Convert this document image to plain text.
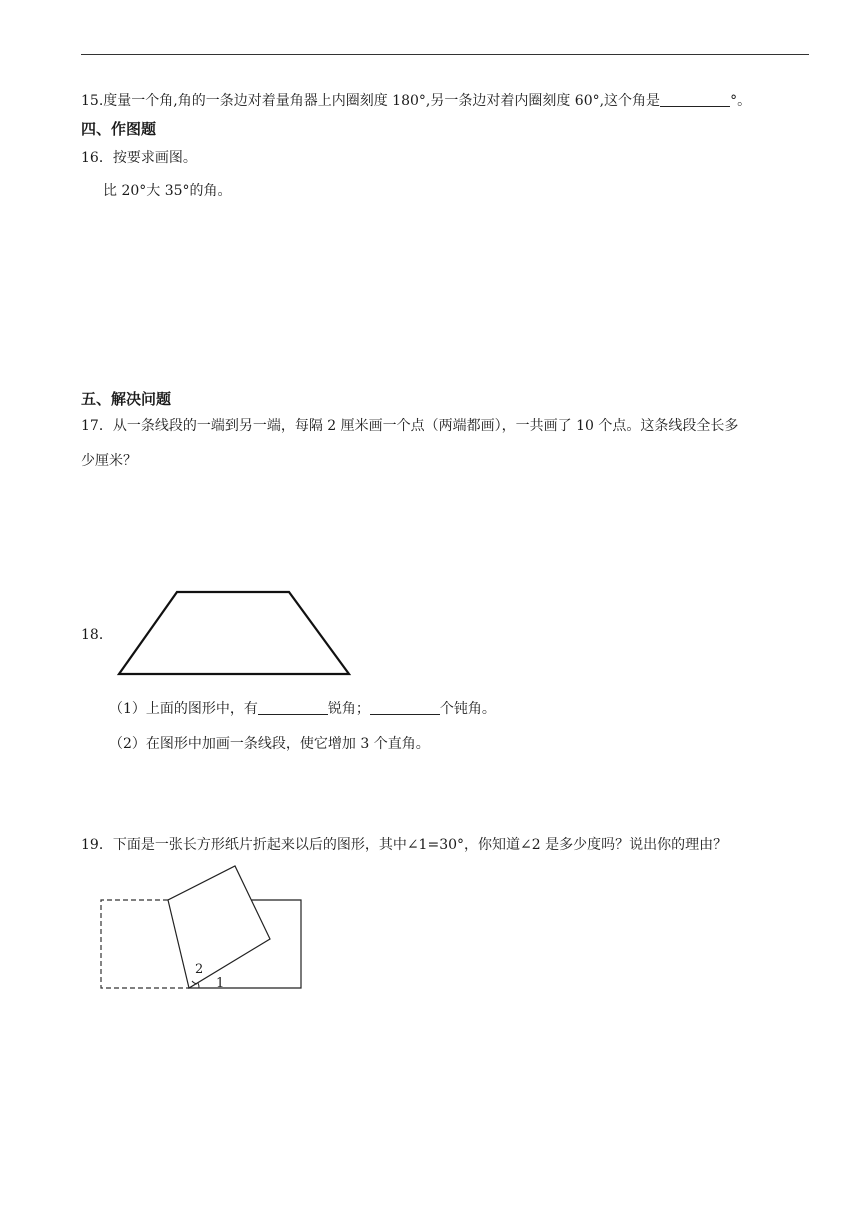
15.度量一个角,角的一条边对着量角器上内圈刻度 180°,另一条边对着内圈刻度 60°,这个角是	°。
四、作图题
16．按要求画图。
比 20°大 35°的角。
五、解决问题
17．从一条线段的一端到另一端，每隔 2 厘米画一个点（两端都画），一共画了 10 个点。这条线段全长多
少厘米？
18．
（1）上面的图形中，有	锐角；	个钝角。
（2）在图形中加画一条线段，使它增加 3 个直角。
19．下面是一张长方形纸片折起来以后的图形，其中∠1=30°，你知道∠2 是多少度吗？说出你的理由？
2
1
